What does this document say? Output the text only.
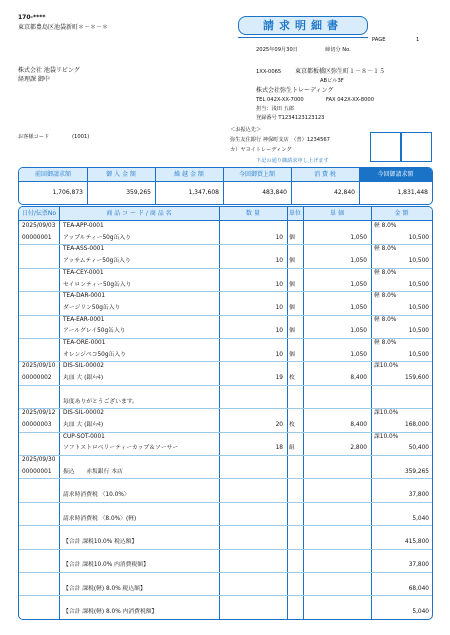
170-****
東京都豊島区池袋新町＊－＊－＊
株式会社 池袋リビング
経理課 御中
お客様コード	(1001)
請求明細書
PAGE	1
2025年09月30日	締切分 No.
1XX-0065 東京都板橋区弥生町１－８－１５
ABビル3F
株式会社弥生トレーディング
TEL 042X-XX-7000	FAX 042X-XX-8000
担当：浅田 五郎
登録番号 T1234123123123
＜お振込先＞
弥生友住銀行 神保町支店　（普）1234567
カ）ヤヨイトレーディング
下記の通り御請求申し上げます
前回御請求額	御 入 金 額	繰 越 金 額	今回御買上額	消 費 税	今回御請求額
1,706,873	359,265	1,347,608	483,840	42,840	1,831,448
日付/伝票No	商 品 コ ー ド / 商 品 名	数 量	単位	単 価	金 額
2025/09/03 TEA-APP-0001	軽 8.0%
00000001 アップルティー50g缶入り	10 個	1,050	10,500
TEA-ASS-0001	軽 8.0%
アッサムティー50g缶入り	10 個	1,050	10,500
TEA-CEY-0001	軽 8.0%
セイロンティー50g缶入り	10 個	1,050	10,500
TEA-DAR-0001	軽 8.0%
ダージリン50g缶入り	10 個	1,050	10,500
TEA-EAR-0001	軽 8.0%
アールグレイ50g缶入り	10 個	1,050	10,500
TEA-ORE-0001	軽 8.0%
オレンジペコ50g缶入り	10 個	1,050	10,500
2025/09/10 DIS-SIL-00002	課10.0%
00000002 丸皿 大 (銀ﾒｯｷ)	19 枚	8,400	159,600
毎度ありがとうございます。
2025/09/12 DIS-SIL-00002	課10.0%
00000003 丸皿 大 (銀ﾒｯｷ)	20 枚	8,400	168,000
CUP-SOT-0001	課10.0%
ソフトストロベリーティーカップ＆ソーサー	18 組	2,800	50,400
2025/09/30
00000001 振込　　赤坂銀行 本店	359,265
請求時消費税 〈10.0%〉	37,800
請求時消費税 〈8.0%〉(軽)	5,040
【合計 課税10.0% 税込額】	415,800
【合計 課税10.0% 内消費税額】	37,800
【合計 課税(軽) 8.0% 税込額】	68,040
【合計 課税(軽) 8.0% 内消費税額】	5,040
